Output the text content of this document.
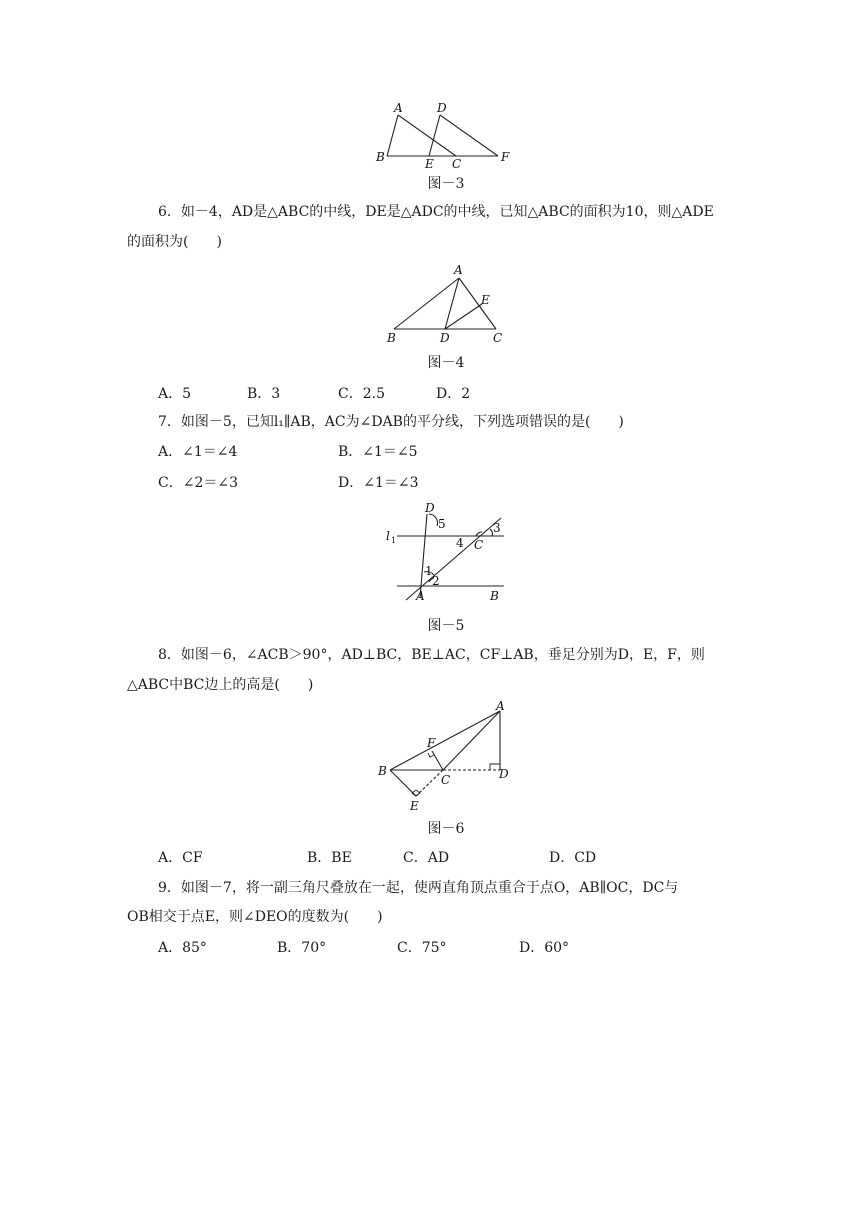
A	D
B	E C	F
图－3
6．如－4，AD是△ABC的中线，DE是△ADC的中线，已知△ABC的面积为10，则△ADE
的面积为(　　)
A
E
B	D	C
图－4
A．5	B．3	C．2.5	D．2
7．如图－5，已知l₁∥AB，AC为∠DAB的平分线，下列选项错误的是(　　)
A．∠1＝∠4	B．∠1＝∠5
C．∠2＝∠3	D．∠1＝∠3
D
l 1
5	3
4 C
1
2
A	B
图－5
8．如图－6，∠ACB＞90°，AD⊥BC，BE⊥AC，CF⊥AB，垂足分别为D，E，F，则
△ABC中BC边上的高是(　　)
A
F
B
C	D
E
图－6
A．CF	B．BE	C．AD	D．CD
9．如图－7，将一副三角尺叠放在一起，使两直角顶点重合于点O，AB∥OC，DC与
OB相交于点E，则∠DEO的度数为(　　)
A．85°	B．70°	C．75°	D．60°
